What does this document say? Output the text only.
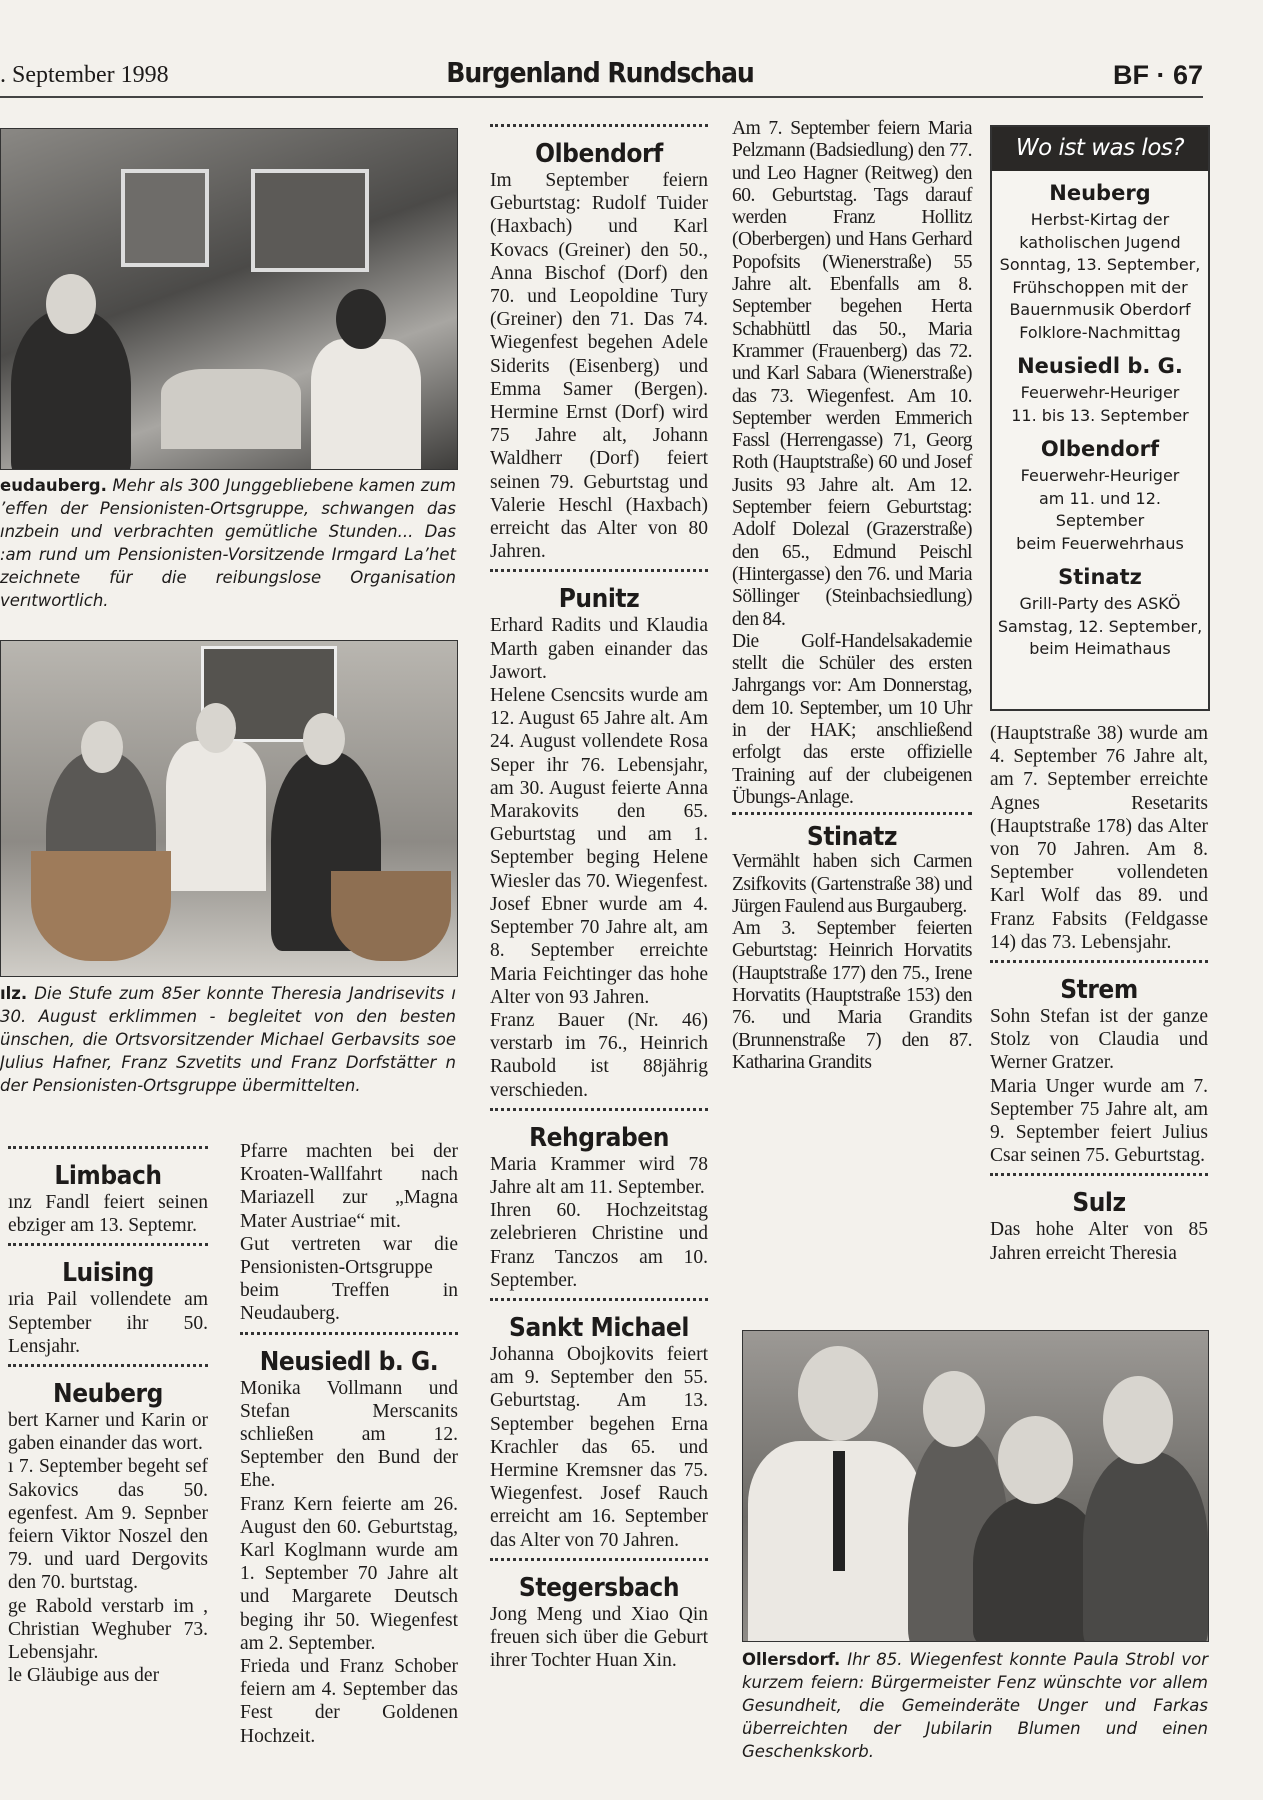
. September 1998	Burgenland Rundschau	BF · 67
eudauberg. Mehr als 300 Junggebliebene kamen zum ’effen der Pensionisten-Ortsgruppe, schwangen das ınzbein und verbrachten gemütliche Stunden... Das :am rund um Pensionisten-Vorsitzende Irmgard La’het zeichnete für die reibungslose Organisation verıtwortlich.
ılz. Die Stufe zum 85er konnte Theresia Jandrisevits ı 30. August erklimmen - begleitet von den besten ünschen, die Ortsvorsitzender Michael Gerbavsits soe Julius Hafner, Franz Szvetits und Franz Dorfstätter n der Pensionisten-Ortsgruppe übermittelten.
Limbach

ınz Fandl feiert seinen ebziger am 13. Septemr.

Luising

ıria Pail vollendete am September ihr 50. Lensjahr.

Neuberg

bert Karner und Karin or gaben einander das wort.

ı 7. September begeht sef Sakovics das 50. egenfest. Am 9. Sepnber feiern Viktor Noszel den 79. und uard Dergovits den 70. burtstag.

ge Rabold verstarb im , Christian Weghuber 73. Lebensjahr.

le Gläubige aus der

Pfarre machten bei der Kroaten-Wallfahrt nach Mariazell zur „Magna Mater Austriae“ mit.

Gut vertreten war die Pensionisten-Ortsgruppe beim Treffen in Neudauberg.

Neusiedl b. G.

Monika Vollmann und Stefan Merscanits schließen am 12. September den Bund der Ehe.

Franz Kern feierte am 26. August den 60. Geburtstag, Karl Koglmann wurde am 1. September 70 Jahre alt und Margarete Deutsch beging ihr 50. Wiegenfest am 2. September.

Frieda und Franz Schober feiern am 4. September das Fest der Goldenen Hochzeit.

Olbendorf

Im September feiern Geburtstag: Rudolf Tuider (Haxbach) und Karl Kovacs (Greiner) den 50., Anna Bischof (Dorf) den 70. und Leopoldine Tury (Greiner) den 71. Das 74. Wiegenfest begehen Adele Siderits (Eisenberg) und Emma Samer (Bergen). Hermine Ernst (Dorf) wird 75 Jahre alt, Johann Waldherr (Dorf) feiert seinen 79. Geburtstag und Valerie Heschl (Haxbach) erreicht das Alter von 80 Jahren.

Punitz

Erhard Radits und Klaudia Marth gaben einander das Jawort.

Helene Csencsits wurde am 12. August 65 Jahre alt. Am 24. August vollendete Rosa Seper ihr 76. Lebensjahr, am 30. August feierte Anna Marakovits den 65. Geburtstag und am 1. September beging Helene Wiesler das 70. Wiegenfest. Josef Ebner wurde am 4. September 70 Jahre alt, am 8. September erreichte Maria Feichtinger das hohe Alter von 93 Jahren.

Franz Bauer (Nr. 46) verstarb im 76., Heinrich Raubold ist 88jährig verschieden.

Rehgraben

Maria Krammer wird 78 Jahre alt am 11. September.

Ihren 60. Hochzeitstag zelebrieren Christine und Franz Tanczos am 10. September.

Sankt Michael

Johanna Obojkovits feiert am 9. September den 55. Geburtstag. Am 13. September begehen Erna Krachler das 65. und Hermine Kremsner das 75. Wiegenfest. Josef Rauch erreicht am 16. September das Alter von 70 Jahren.

Stegersbach

Jong Meng und Xiao Qin freuen sich über die Geburt ihrer Tochter Huan Xin.

Am 7. September feiern Maria Pelzmann (Badsiedlung) den 77. und Leo Hagner (Reitweg) den 60. Geburtstag. Tags darauf werden Franz Hollitz (Oberbergen) und Hans Gerhard Popofsits (Wienerstraße) 55 Jahre alt. Ebenfalls am 8. September begehen Herta Schabhüttl das 50., Maria Krammer (Frauenberg) das 72. und Karl Sabara (Wienerstraße) das 73. Wiegenfest. Am 10. September werden Emmerich Fassl (Herrengasse) 71, Georg Roth (Hauptstraße) 60 und Josef Jusits 93 Jahre alt. Am 12. September feiern Geburtstag: Adolf Dolezal (Grazerstraße) den 65., Edmund Peischl (Hintergasse) den 76. und Maria Söllinger (Steinbachsiedlung) den 84.

Die Golf-Handelsakademie stellt die Schüler des ersten Jahrgangs vor: Am Donnerstag, dem 10. September, um 10 Uhr in der HAK; anschließend erfolgt das erste offizielle Training auf der clubeigenen Übungs-Anlage.

Stinatz

Vermählt haben sich Carmen Zsifkovits (Gartenstraße 38) und Jürgen Faulend aus Burgauberg.

Am 3. September feierten Geburtstag: Heinrich Horvatits (Hauptstraße 177) den 75., Irene Horvatits (Hauptstraße 153) den 76. und Maria Grandits (Brunnenstraße 7) den 87. Katharina Grandits

Wo ist was los?
Neuberg
Herbst-Kirtag der
katholischen Jugend
Sonntag, 13. September,
Frühschoppen mit der
Bauernmusik Oberdorf
Folklore-Nachmittag
Neusiedl b. G.
Feuerwehr-Heuriger
11. bis 13. September
Olbendorf
Feuerwehr-Heuriger
am 11. und 12.
September
beim Feuerwehrhaus
Stinatz
Grill-Party des ASKÖ
Samstag, 12. September,
beim Heimathaus

(Hauptstraße 38) wurde am 4. September 76 Jahre alt, am 7. September erreichte Agnes Resetarits (Hauptstraße 178) das Alter von 70 Jahren. Am 8. September vollendeten Karl Wolf das 89. und Franz Fabsits (Feldgasse 14) das 73. Lebensjahr.

Strem

Sohn Stefan ist der ganze Stolz von Claudia und Werner Gratzer.

Maria Unger wurde am 7. September 75 Jahre alt, am 9. September feiert Julius Csar seinen 75. Geburtstag.

Sulz

Das hohe Alter von 85 Jahren erreicht Theresia

Ollersdorf. Ihr 85. Wiegenfest konnte Paula Strobl vor kurzem feiern: Bürgermeister Fenz wünschte vor allem Gesundheit, die Gemeinderäte Unger und Farkas überreichten der Jubilarin Blumen und einen Geschenkskorb.
